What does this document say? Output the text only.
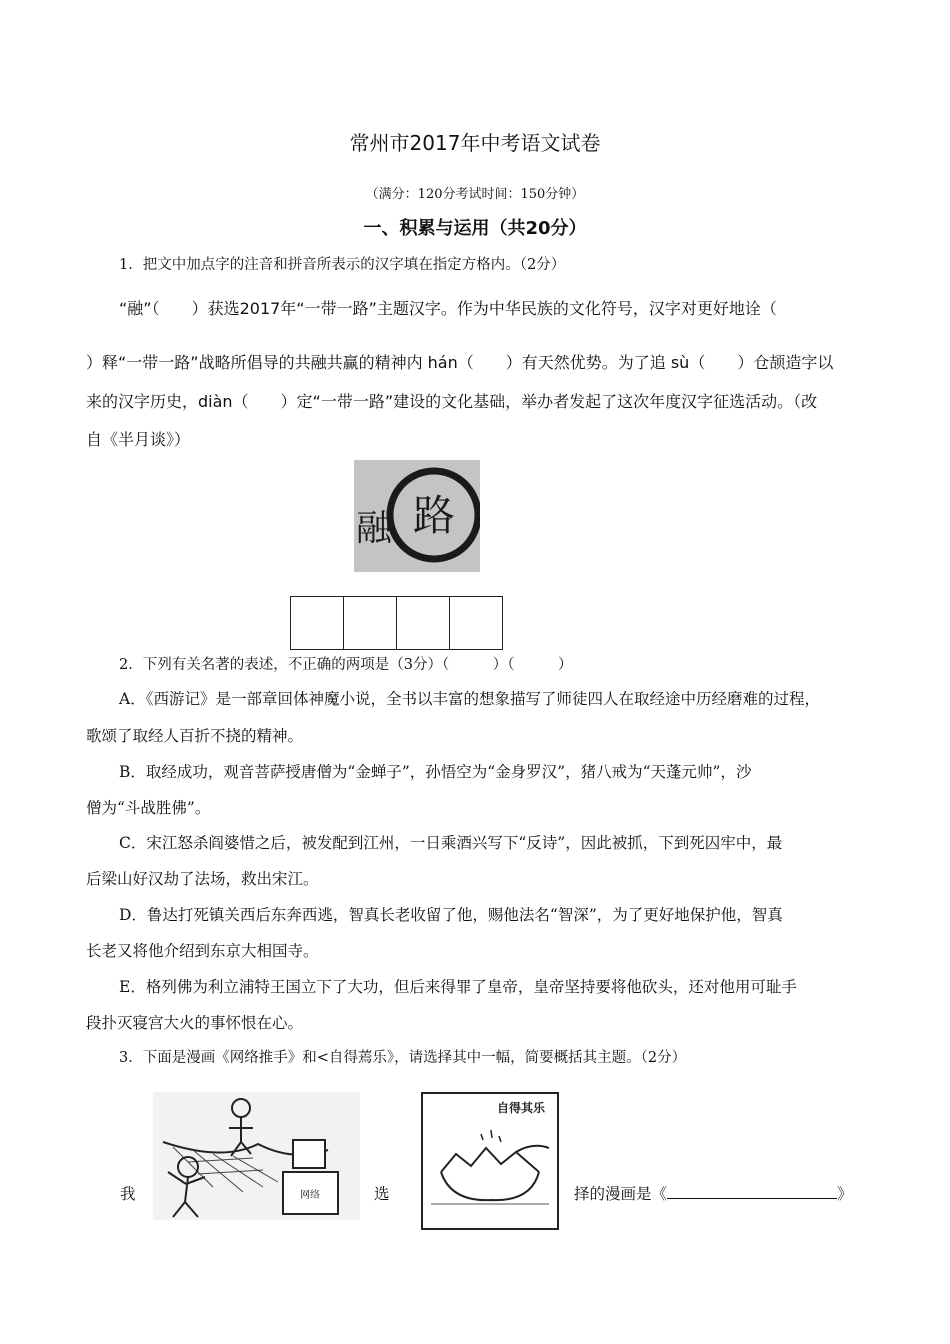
常州市2017年中考语文试卷
（满分：120分考试时间：150分钟）
一、积累与运用（共20分）
1．把文中加点字的注音和拼音所表示的汉字填在指定方格内。（2分）
“融”（　　）获选2017年“一带一路”主题汉字。作为中华民族的文化符号，汉字对更好地诠（
）释“一带一路”战略所倡导的共融共赢的精神内 hán（　　）有天然优势。为了追 sù（　　）仓颉造字以
来的汉字历史，diàn（　　）定“一带一路”建设的文化基础，举办者发起了这次年度汉字征选活动。（改
自《半月谈》）
路
融
2．下列有关名著的表述，不正确的两项是（3分）（　　　）（　　　）
A．《西游记》是一部章回体神魔小说，全书以丰富的想象描写了师徒四人在取经途中历经磨难的过程，
歌颂了取经人百折不挠的精神。
B．取经成功，观音菩萨授唐僧为“金蝉子”，孙悟空为“金身罗汉”，猪八戒为“天蓬元帅”，沙
僧为“斗战胜佛”。
C．宋江怒杀阎婆惜之后，被发配到江州，一日乘酒兴写下“反诗”，因此被抓，下到死囚牢中，最
后梁山好汉劫了法场，救出宋江。
D．鲁达打死镇关西后东奔西逃，智真长老收留了他，赐他法名“智深”，为了更好地保护他，智真
长老又将他介绍到东京大相国寺。
E．格列佛为利立浦特王国立下了大功，但后来得罪了皇帝，皇帝坚持要将他砍头，还对他用可耻手
段扑灭寝宫大火的事怀恨在心。
3．下面是漫画《网络推手》和<自得蔫乐》，请选择其中一幅，简要概括其主题。（2分）
网络
我
自得其乐
选	择的漫画是《	》
